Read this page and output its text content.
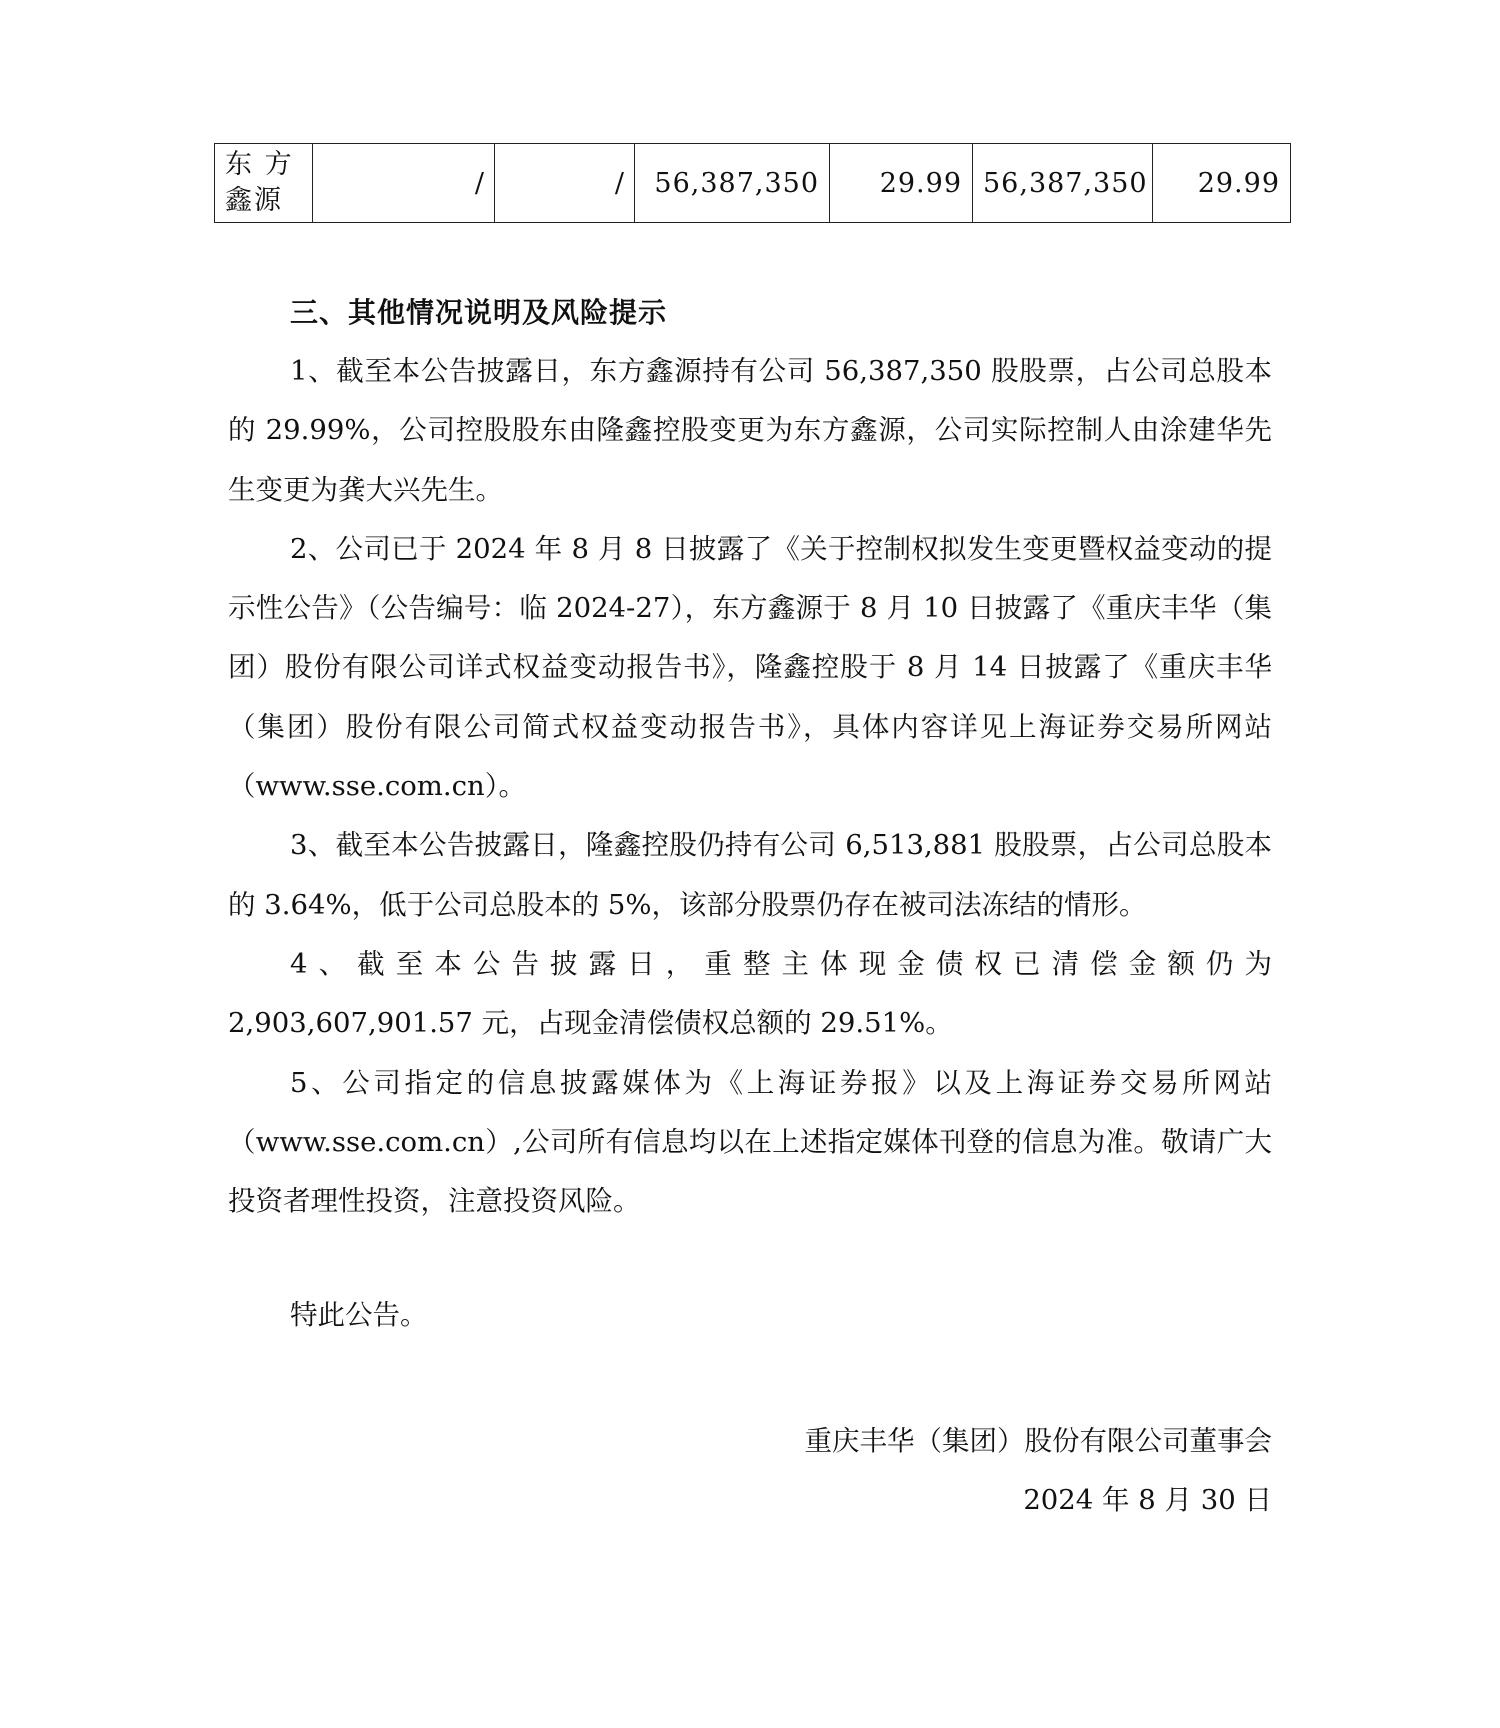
东 方
鑫源
	/	/	56,387,350	29.99	56,387,350	29.99
三、其他情况说明及风险提示

1、截至本公告披露日，东方鑫源持有公司 56,387,350 股股票，占公司总股本的 29.99%，公司控股股东由隆鑫控股变更为东方鑫源，公司实际控制人由涂建华先生变更为龚大兴先生。

2、公司已于 2024 年 8 月 8 日披露了《关于控制权拟发生变更暨权益变动的提示性公告》（公告编号：临 2024-27），东方鑫源于 8 月 10 日披露了《重庆丰华（集团）股份有限公司详式权益变动报告书》，隆鑫控股于 8 月 14 日披露了《重庆丰华（集团）股份有限公司简式权益变动报告书》，具体内容详见上海证券交易所网站（www.sse.com.cn）。

3、截至本公告披露日，隆鑫控股仍持有公司 6,513,881 股股票，占公司总股本的 3.64%，低于公司总股本的 5%，该部分股票仍存在被司法冻结的情形。

4、截至本公告披露日，重整主体现金债权已清偿金额仍为

2,903,607,901.57 元，占现金清偿债权总额的 29.51%。

5、公司指定的信息披露媒体为《上海证券报》以及上海证券交易所网站（www.sse.com.cn）,公司所有信息均以在上述指定媒体刊登的信息为准。敬请广大投资者理性投资，注意投资风险。

特此公告。
重庆丰华（集团）股份有限公司董事会
2024 年 8 月 30 日
